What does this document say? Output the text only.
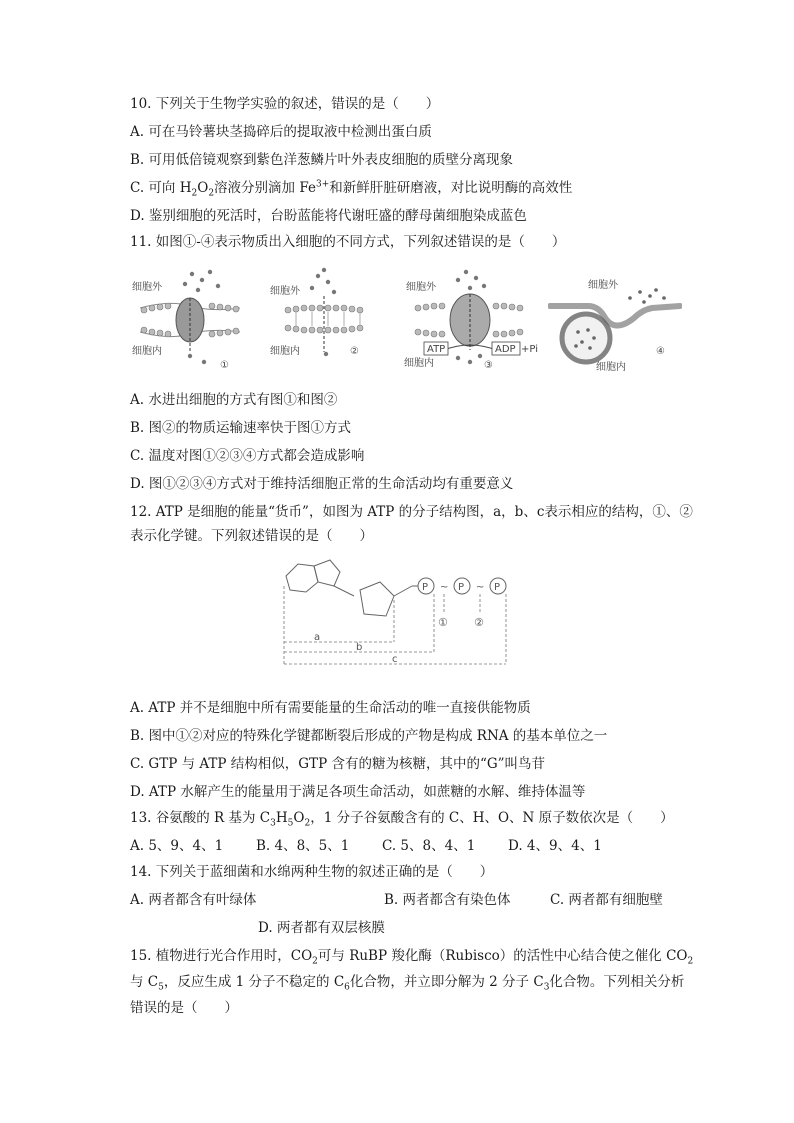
10. 下列关于生物学实验的叙述，错误的是（　　）
A. 可在马铃薯块茎捣碎后的提取液中检测出蛋白质
B. 可用低倍镜观察到紫色洋葱鳞片叶外表皮细胞的质壁分离现象
C. 可向 $H_2O_2$溶液分别滴加 $Fe^{3+}$和新鲜肝脏研磨液，对比说明酶的高效性
D. 鉴别细胞的死活时，台盼蓝能将代谢旺盛的酵母菌细胞染成蓝色
11. 如图①-④表示物质出入细胞的不同方式，下列叙述错误的是（　　）
细胞外
细胞内
①
细胞外
细胞内	②
细胞外
细胞内
ATP	ADP +Pi
③
细胞外
细胞内
④
A. 水进出细胞的方式有图①和图②
B. 图②的物质运输速率快于图①方式
C. 温度对图①②③④方式都会造成影响
D. 图①②③④方式对于维持活细胞正常的生命活动均有重要意义
12. ATP 是细胞的能量“货币”，如图为 ATP 的分子结构图，a，b、c表示相应的结构，①、②
表示化学键。下列叙述错误的是（　　）
P	P	P
~	~
① ②
a
b
c
A. ATP 并不是细胞中所有需要能量的生命活动的唯一直接供能物质
B. 图中①②对应的特殊化学键都断裂后形成的产物是构成 RNA 的基本单位之一
C. GTP 与 ATP 结构相似，GTP 含有的糖为核糖，其中的“G”叫鸟苷
D. ATP 水解产生的能量用于满足各项生命活动，如蔗糖的水解、维持体温等
13. 谷氨酸的 R 基为 $C_3H_5O_2$，1 分子谷氨酸含有的 C、H、O、N 原子数依次是（　　）
A. 5、9、4、1 B. 4、8、5、1 C. 5、8、4、1 D. 4、9、4、1
14. 下列关于蓝细菌和水绵两种生物的叙述正确的是（　　）
A. 两者都含有叶绿体	B. 两者都含有染色体	C. 两者都有细胞壁
D. 两者都有双层核膜
15. 植物进行光合作用时，$CO_2$可与 RuBP 羧化酶（Rubisco）的活性中心结合使之催化 $CO_2$
与 $C_5$，反应生成 1 分子不稳定的 $C_6$化合物，并立即分解为 2 分子 $C_3$化合物。下列相关分析
错误的是（　　）
